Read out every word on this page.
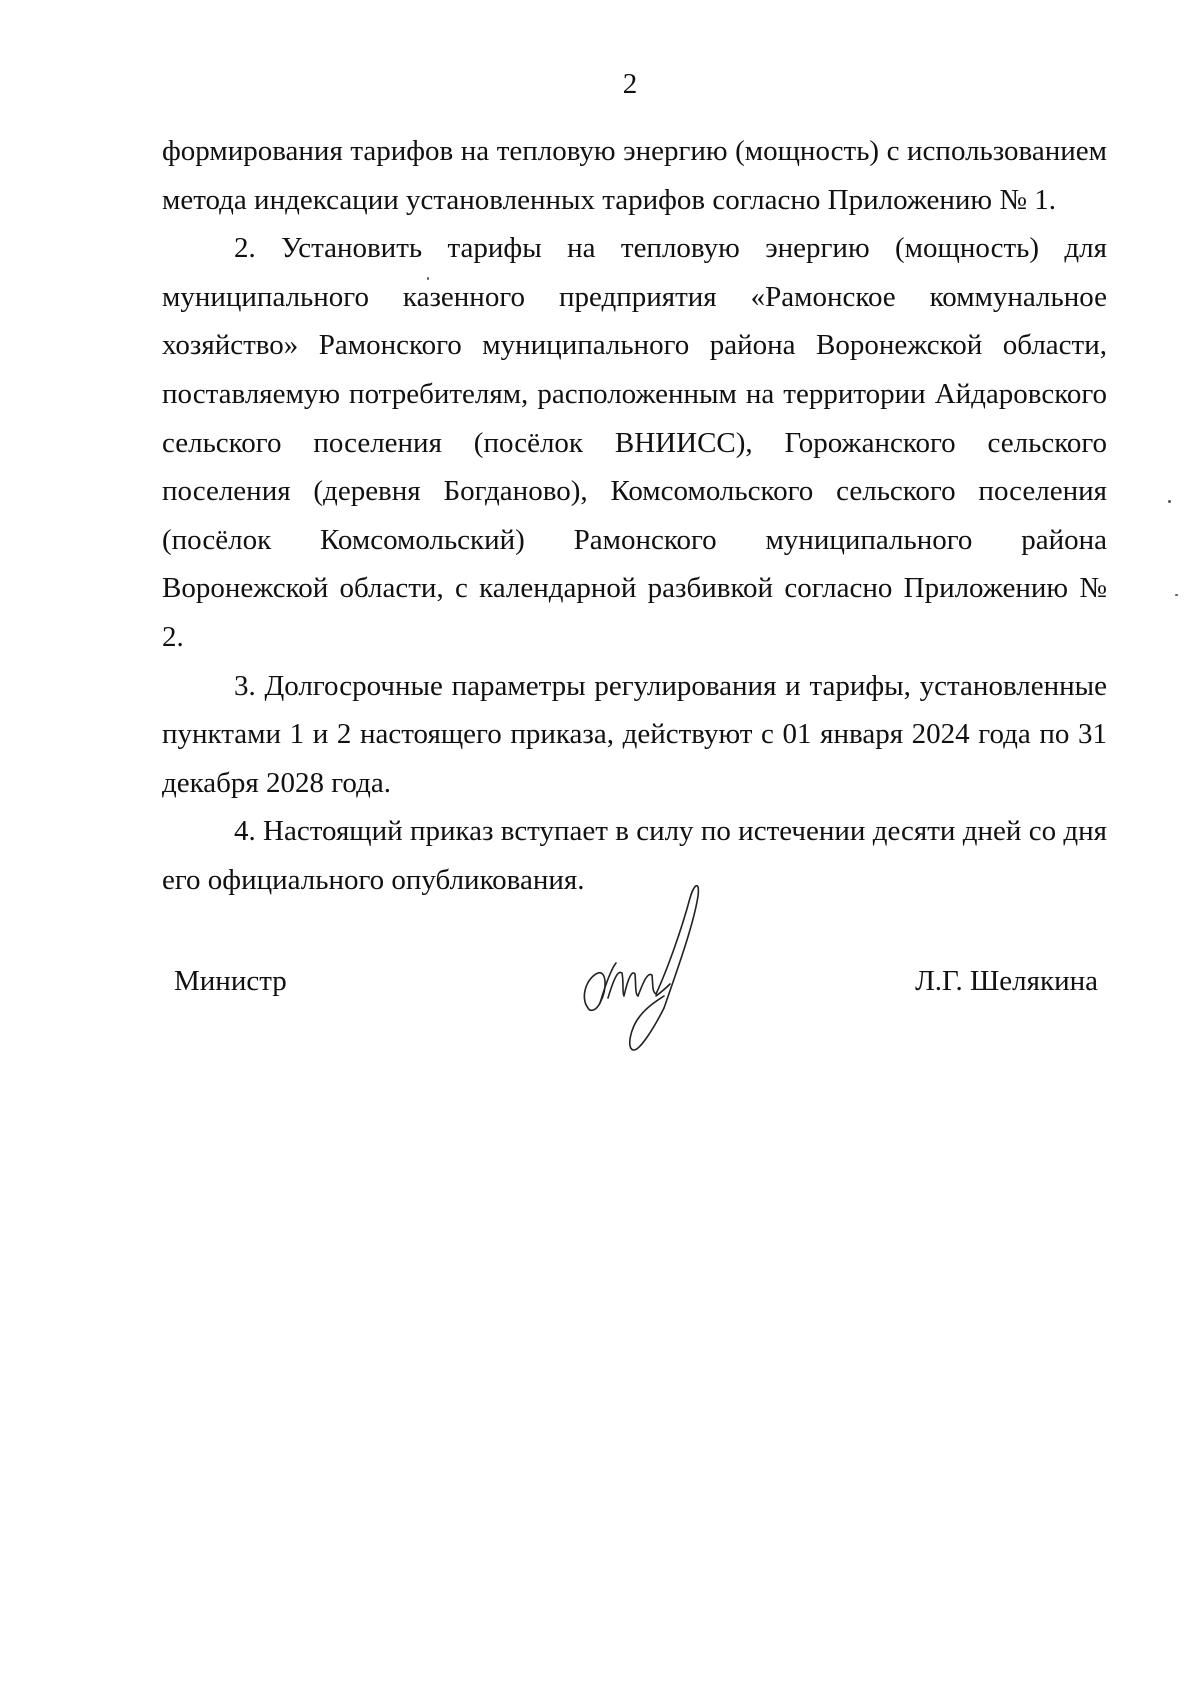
2

формирования тарифов на тепловую энергию (мощность) с использованием метода индексации установленных тарифов согласно Приложению № 1.

2. Установить тарифы на тепловую энергию (мощность) для муниципального казенного предприятия «Рамонское коммунальное хозяйство» Рамонского муниципального района Воронежской области, поставляемую потребителям, расположенным на территории Айдаровского сельского поселения (посёлок ВНИИСС), Горожанского сельского поселения (деревня Богданово), Комсомольского сельского поселения (посёлок Комсомольский) Рамонского муниципального района Воронежской области, с календарной разбивкой согласно Приложению № 2.

3. Долгосрочные параметры регулирования и тарифы, установленные пунктами 1 и 2 настоящего приказа, действуют с 01 января 2024 года по 31 декабря 2028 года.

4. Настоящий приказ вступает в силу по истечении десяти дней со дня его официального опубликования.

Министр	Л.Г. Шелякина
